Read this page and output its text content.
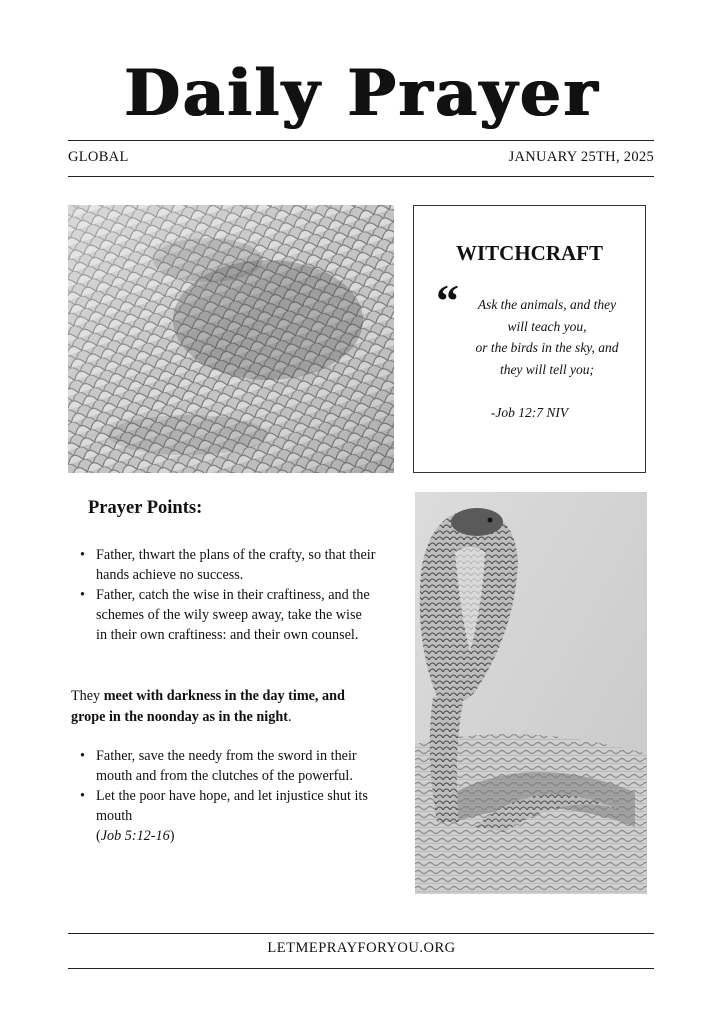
Daily Prayer
GLOBAL	JANUARY 25TH, 2025
WITCHCRAFT
“	Ask the animals, and they
will teach you,
or the birds in the sky, and
they will tell you;
-Job 12:7 NIV
Prayer Points:
• Father, thwart the plans of the crafty, so that their hands achieve no success.
• Father, catch the wise in their craftiness, and the schemes of the wily sweep away, take the wise in their own craftiness: and their own counsel.
They meet with darkness in the day time, and grope in the noonday as in the night.
• Father, save the needy from the sword in their mouth and from the clutches of the powerful.
• Let the poor have hope, and let injustice shut its mouth
(Job 5:12-16)
LETMEPRAYFORYOU.ORG
